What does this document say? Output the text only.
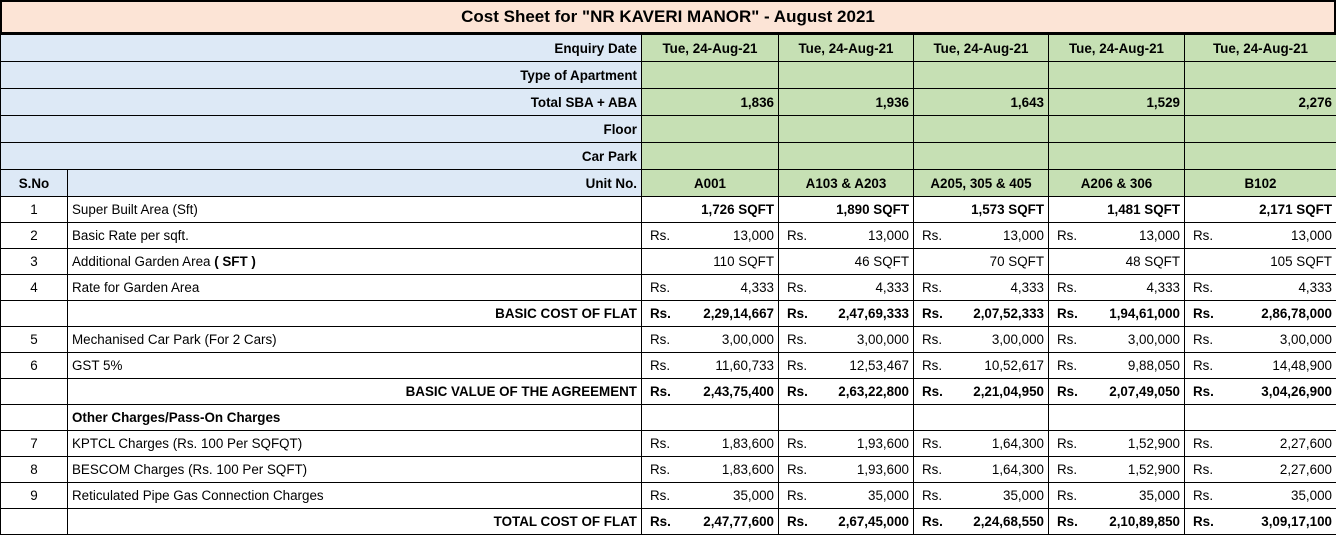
Cost Sheet for "NR KAVERI MANOR" - August 2021
Enquiry Date		Tue, 24-Aug-21		Tue, 24-Aug-21		Tue, 24-Aug-21		Tue, 24-Aug-21		Tue, 24-Aug-21	
Type of Apartment											
Total SBA + ABA		1,836		1,936		1,643		1,529		2,276	
Floor											
Car Park											
S.No	Unit No.	A001		A103 & A203		A205, 305 & 405		A206 & 306		B102	
1	Super Built Area (Sft)	1,726 SQFT		1,890 SQFT		1,573 SQFT		1,481 SQFT		2,171 SQFT	
2	Basic Rate per sqft.	Rs.	13,000	Rs.	13,000	Rs.	13,000	Rs.	13,000	Rs.	13,000
3	Additional Garden Area ( SFT )	110 SQFT		46 SQFT		70 SQFT		48 SQFT		105 SQFT	
4	Rate for Garden Area	Rs.	4,333	Rs.	4,333	Rs.	4,333	Rs.	4,333	Rs.	4,333
	BASIC COST OF FLAT	Rs.	2,29,14,667	Rs.	2,47,69,333	Rs.	2,07,52,333	Rs.	1,94,61,000	Rs.	2,86,78,000
5	Mechanised Car Park (For 2 Cars)	Rs.	3,00,000	Rs.	3,00,000	Rs.	3,00,000	Rs.	3,00,000	Rs.	3,00,000
6	GST 5%	Rs.	11,60,733	Rs.	12,53,467	Rs.	10,52,617	Rs.	9,88,050	Rs.	14,48,900
	BASIC VALUE OF THE AGREEMENT	Rs.	2,43,75,400	Rs.	2,63,22,800	Rs.	2,21,04,950	Rs.	2,07,49,050	Rs.	3,04,26,900
	Other Charges/Pass-On Charges										
7	KPTCL Charges (Rs. 100 Per SQFQT)	Rs.	1,83,600	Rs.	1,93,600	Rs.	1,64,300	Rs.	1,52,900	Rs.	2,27,600
8	BESCOM Charges (Rs. 100 Per SQFT)	Rs.	1,83,600	Rs.	1,93,600	Rs.	1,64,300	Rs.	1,52,900	Rs.	2,27,600
9	Reticulated Pipe Gas Connection Charges	Rs.	35,000	Rs.	35,000	Rs.	35,000	Rs.	35,000	Rs.	35,000
	TOTAL COST OF FLAT	Rs.	2,47,77,600	Rs.	2,67,45,000	Rs.	2,24,68,550	Rs.	2,10,89,850	Rs.	3,09,17,100
